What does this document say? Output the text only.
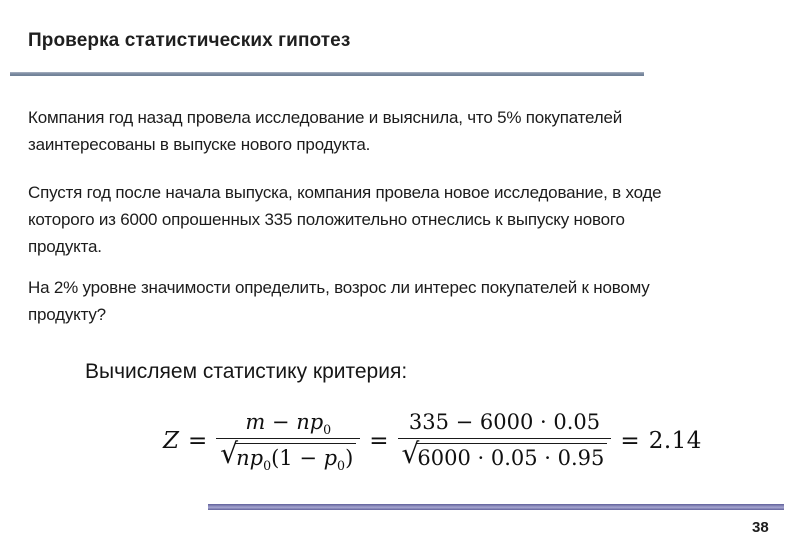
Проверка статистических гипотез
Компания год назад провела исследование и выяснила, что 5% покупателей
заинтересованы в выпуске нового продукта.
Спустя год после начала выпуска, компания провела новое исследование, в ходе
которого из 6000 опрошенных 335 положительно отнеслись к выпуску нового
продукта.
На 2% уровне значимости определить, возрос ли интерес покупателей к новому
продукту?
Вычисляем статистику критерия:
$Z = m - np_0$
√
$np_0(1 - p_0) = 335 - 6000 \cdot 0.05$
√
6000 · 0.05 · 0.95 = 2.14
38
